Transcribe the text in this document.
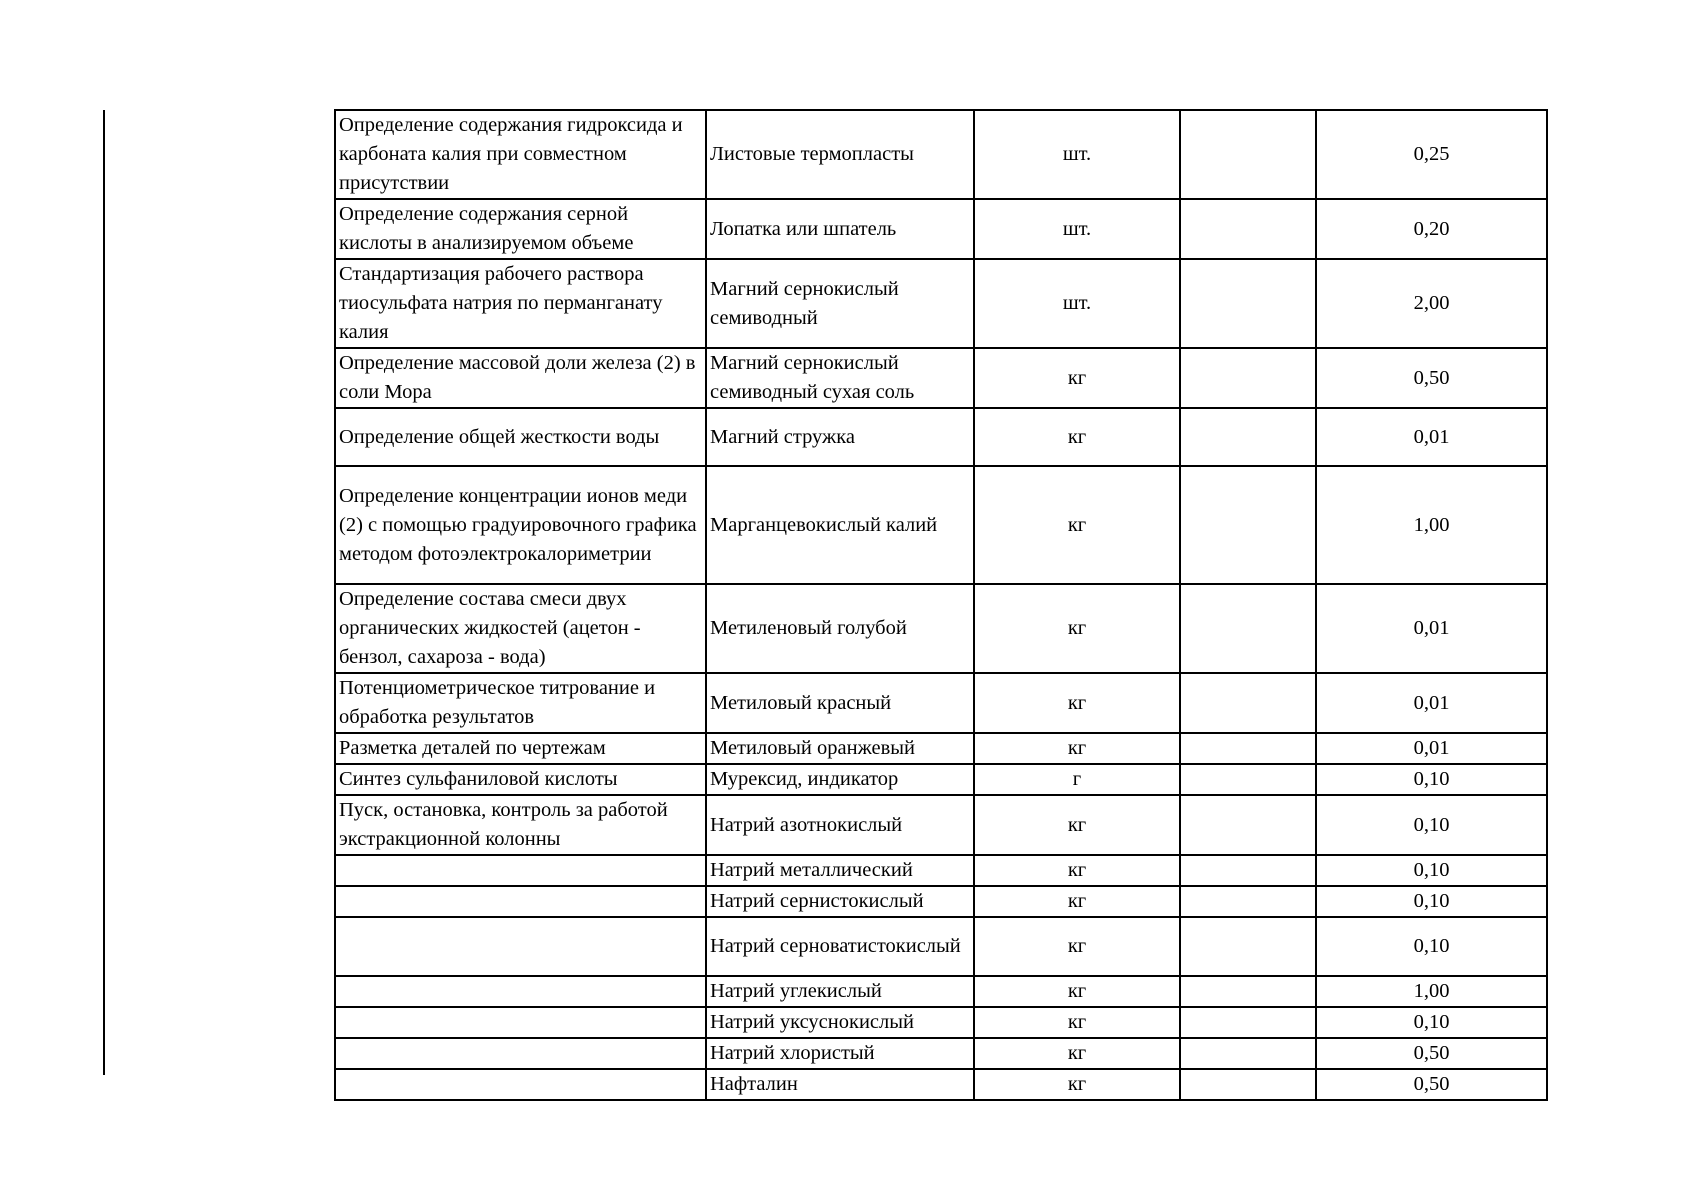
Определение содержания гидроксида и карбоната калия при совместном присутствии	Листовые термопласты	шт.		0,25
Определение содержания серной кислоты в анализируемом объеме	Лопатка или шпатель	шт.		0,20
Стандартизация рабочего раствора тиосульфата натрия по перманганату калия	Магний сернокислый семиводный	шт.		2,00
Определение массовой доли железа (2) в соли Мора	Магний сернокислый семиводный сухая соль	кг		0,50
Определение общей жесткости воды	Магний стружка	кг		0,01
Определение концентрации ионов меди (2) с помощью градуировочного графика методом фотоэлектрокалориметрии	Марганцевокислый калий	кг		1,00
Определение состава смеси двух органических жидкостей (ацетон - бензол, сахароза - вода)	Метиленовый голубой	кг		0,01
Потенциометрическое титрование и обработка результатов	Метиловый красный	кг		0,01
Разметка деталей по чертежам	Метиловый оранжевый	кг		0,01
Синтез сульфаниловой кислоты	Мурексид, индикатор	г		0,10
Пуск, остановка, контроль за работой экстракционной колонны	Натрий азотнокислый	кг		0,10
	Натрий металлический	кг		0,10
	Натрий сернистокислый	кг		0,10
	Натрий серноватистокислый	кг		0,10
	Натрий углекислый	кг		1,00
	Натрий уксуснокислый	кг		0,10
	Натрий хлористый	кг		0,50
	Нафталин	кг		0,50
